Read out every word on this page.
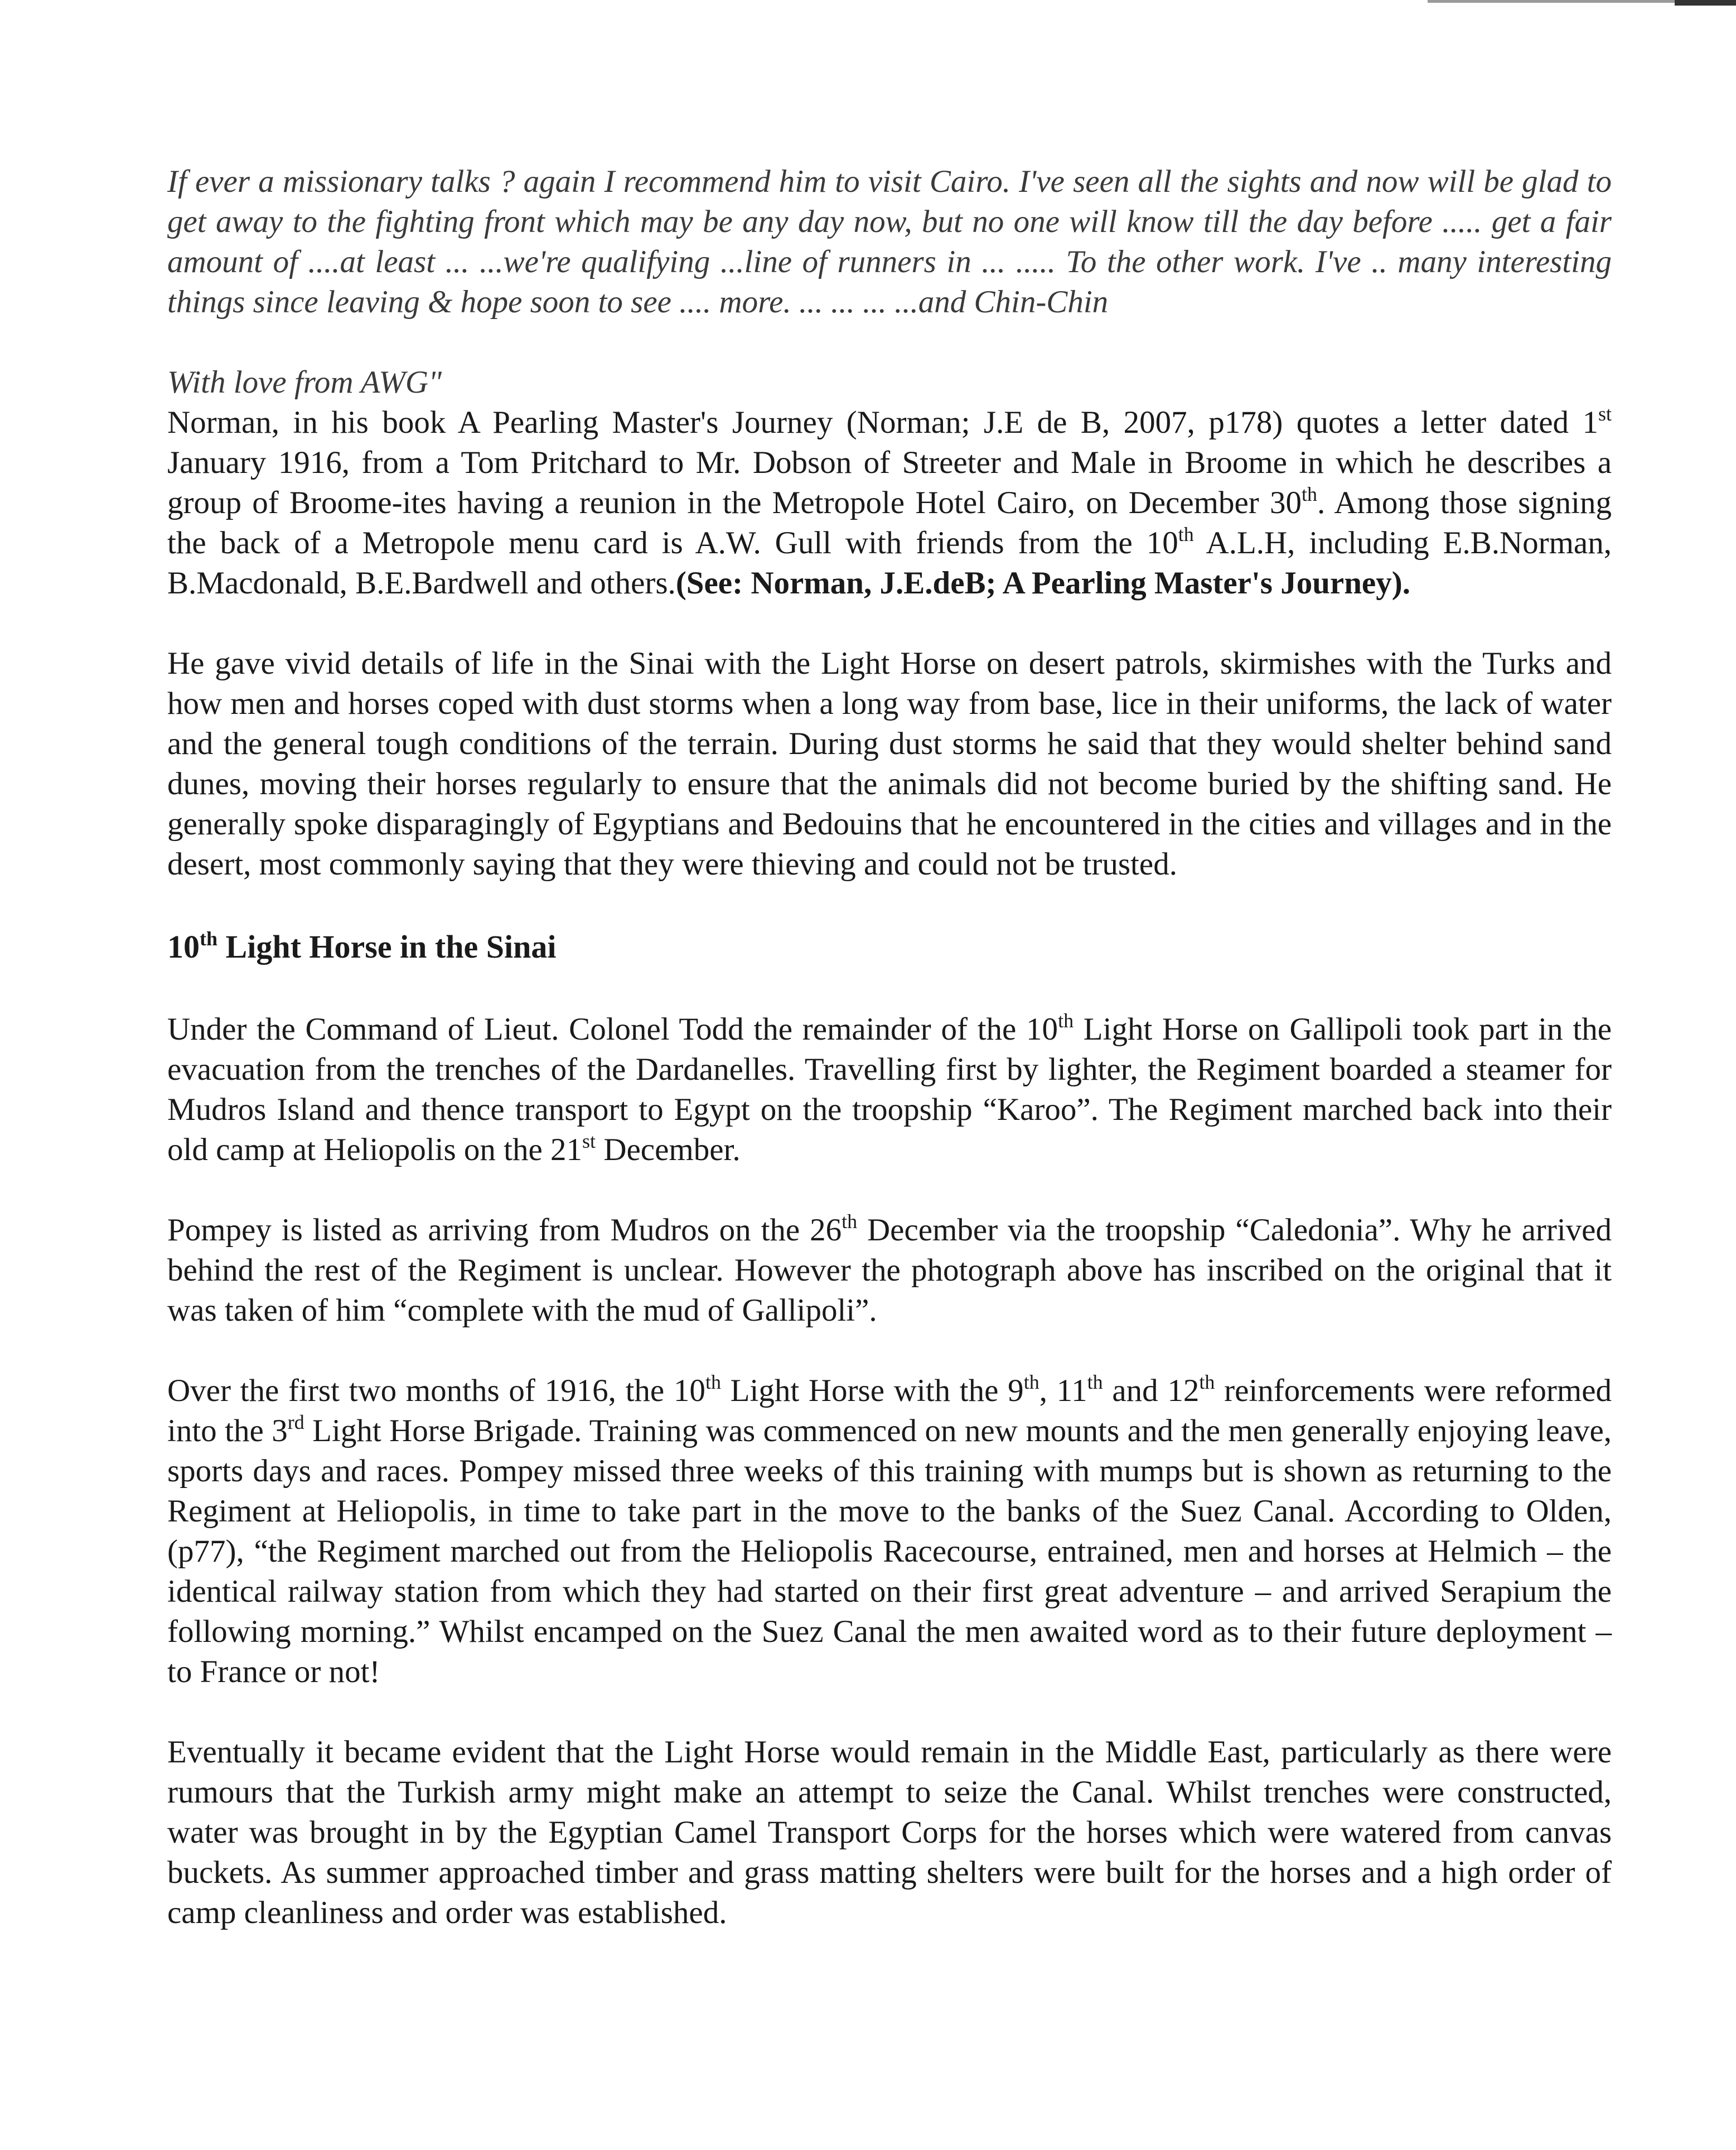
If ever a missionary talks ? again I recommend him to visit Cairo. I've seen all the sights and now will be glad to get away to the fighting front which may be any day now, but no one will know till the day before ..... get a fair amount of ....at least ... ...we're qualifying ...line of runners in ... ..... To the other work. I've .. many interesting things since leaving & hope soon to see .... more. ... ... ... ...and Chin-Chin

With love from AWG"

Norman, in his book A Pearling Master's Journey (Norman; J.E de B, 2007, p178) quotes a letter dated 1st January 1916, from a Tom Pritchard to Mr. Dobson of Streeter and Male in Broome in which he describes a group of Broome-ites having a reunion in the Metropole Hotel Cairo, on December 30th. Among those signing the back of a Metropole menu card is A.W. Gull with friends from the 10th A.L.H, including E.B.Norman, B.Macdonald, B.E.Bardwell and others.(See: Norman, J.E.deB; A Pearling Master's Journey).

He gave vivid details of life in the Sinai with the Light Horse on desert patrols, skirmishes with the Turks and how men and horses coped with dust storms when a long way from base, lice in their uniforms, the lack of water and the general tough conditions of the terrain. During dust storms he said that they would shelter behind sand dunes, moving their horses regularly to ensure that the animals did not become buried by the shifting sand. He generally spoke disparagingly of Egyptians and Bedouins that he encountered in the cities and villages and in the desert, most commonly saying that they were thieving and could not be trusted.

10th Light Horse in the Sinai

Under the Command of Lieut. Colonel Todd the remainder of the 10th Light Horse on Gallipoli took part in the evacuation from the trenches of the Dardanelles. Travelling first by lighter, the Regiment boarded a steamer for Mudros Island and thence transport to Egypt on the troopship “Karoo”. The Regiment marched back into their old camp at Heliopolis on the 21st December.

Pompey is listed as arriving from Mudros on the 26th December via the troopship “Caledonia”. Why he arrived behind the rest of the Regiment is unclear. However the photograph above has inscribed on the original that it was taken of him “complete with the mud of Gallipoli”.

Over the first two months of 1916, the 10th Light Horse with the 9th, 11th and 12th reinforcements were reformed into the 3rd Light Horse Brigade. Training was commenced on new mounts and the men generally enjoying leave, sports days and races. Pompey missed three weeks of this training with mumps but is shown as returning to the Regiment at Heliopolis, in time to take part in the move to the banks of the Suez Canal. According to Olden, (p77), “the Regiment marched out from the Heliopolis Racecourse, entrained, men and horses at Helmich – the identical railway station from which they had started on their first great adventure – and arrived Serapium the following morning.” Whilst encamped on the Suez Canal the men awaited word as to their future deployment – to France or not!

Eventually it became evident that the Light Horse would remain in the Middle East, particularly as there were rumours that the Turkish army might make an attempt to seize the Canal. Whilst trenches were constructed, water was brought in by the Egyptian Camel Transport Corps for the horses which were watered from canvas buckets. As summer approached timber and grass matting shelters were built for the horses and a high order of camp cleanliness and order was established.
